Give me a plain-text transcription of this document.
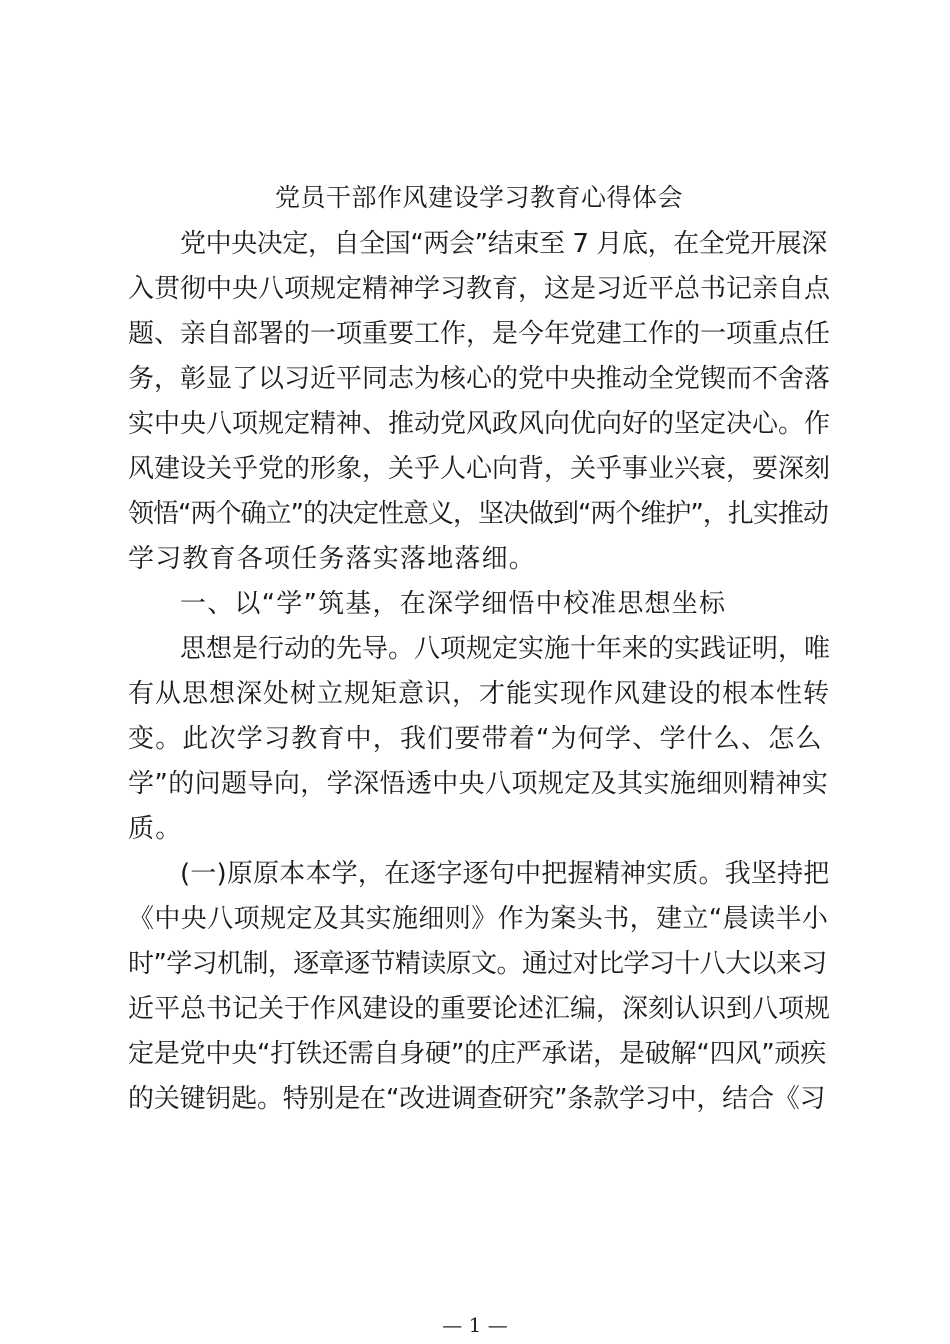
党员干部作风建设学习教育心得体会

党中央决定，自全国“两会”结束至 7 月底，在全党开展深

入贯彻中央八项规定精神学习教育，这是习近平总书记亲自点

题、亲自部署的一项重要工作，是今年党建工作的一项重点任

务，彰显了以习近平同志为核心的党中央推动全党锲而不舍落

实中央八项规定精神、推动党风政风向优向好的坚定决心。作

风建设关乎党的形象，关乎人心向背，关乎事业兴衰，要深刻

领悟“两个确立”的决定性意义，坚决做到“两个维护”，扎实推动

学习教育各项任务落实落地落细。

一、以“学”筑基，在深学细悟中校准思想坐标

思想是行动的先导。八项规定实施十年来的实践证明，唯

有从思想深处树立规矩意识，才能实现作风建设的根本性转

变。此次学习教育中，我们要带着“为何学、学什么、怎么

学”的问题导向，学深悟透中央八项规定及其实施细则精神实

质。

(一)原原本本学，在逐字逐句中把握精神实质。我坚持把

《中央八项规定及其实施细则》作为案头书，建立“晨读半小

时”学习机制，逐章逐节精读原文。通过对比学习十八大以来习

近平总书记关于作风建设的重要论述汇编，深刻认识到八项规

定是党中央“打铁还需自身硬”的庄严承诺，是破解“四风”顽疾

的关键钥匙。特别是在“改进调查研究”条款学习中，结合《习

— 1 —
